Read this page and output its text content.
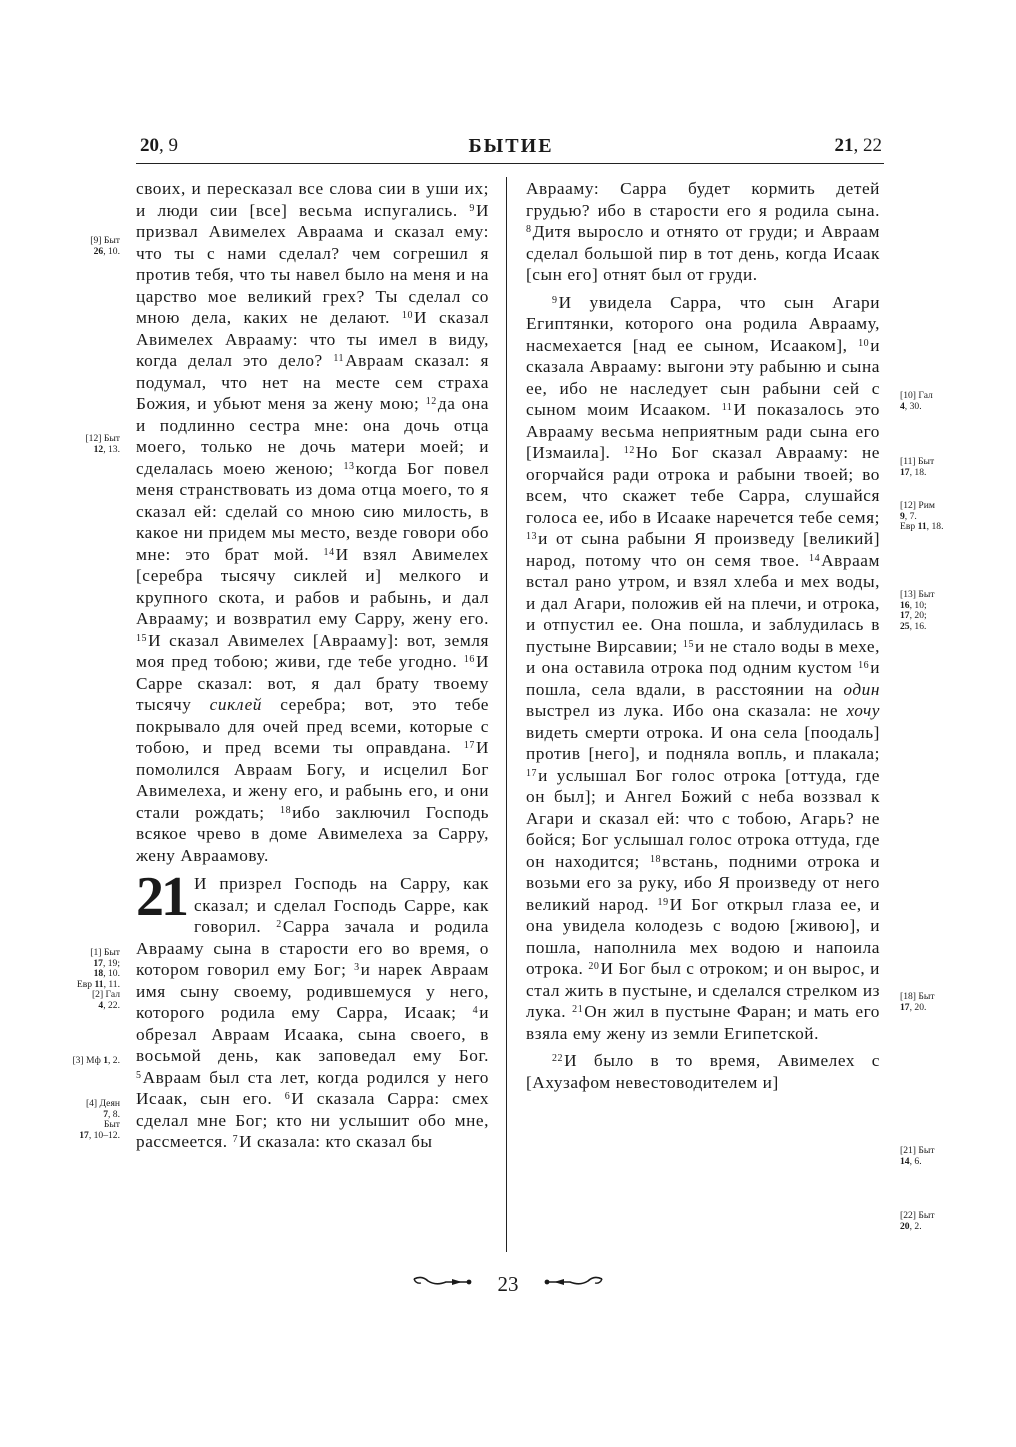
20, 9	БЫТИЕ	21, 22

своих, и пересказал все слова сии в уши их; и люди сии [все] весьма испугались. $^9$И призвал Авимелех Авраама и сказал ему: что ты с нами сделал? чем согрешил я против тебя, что ты навел было на меня и на царство мое великий грех? Ты сделал со мною дела, каких не делают. $^{10}$И сказал Авимелех Аврааму: что ты имел в виду, когда делал это дело? $^{11}$Авраам сказал: я подумал, что нет на месте сем страха Божия, и убьют меня за жену мою; $^{12}$да она и подлинно сестра мне: она дочь отца моего, только не дочь матери моей; и сделалась моею женою; $^{13}$когда Бог повел меня странствовать из дома отца моего, то я сказал ей: сделай со мною сию милость, в какое ни придем мы место, везде говори обо мне: это брат мой. $^{14}$И взял Авимелех [серебра тысячу сиклей и] мелкого и крупного скота, и рабов и рабынь, и дал Аврааму; и возвратил ему Сарру, жену его. $^{15}$И сказал Авимелех [Аврааму]: вот, земля моя пред тобою; живи, где тебе угодно. $^{16}$И Сарре сказал: вот, я дал брату твоему тысячу сиклей серебра; вот, это тебе покрывало для очей пред всеми, которые с тобою, и пред всеми ты оправдана. $^{17}$И помолился Авраам Богу, и исцелил Бог Авимелеха, и жену его, и рабынь его, и они стали рождать; $^{18}$ибо заключил Господь всякое чрево в доме Авимелеха за Сарру, жену Авраамову.

21 И призрел Господь на Сарру, как сказал; и сделал Господь Сарре, как говорил. $^2$Сарра зачала и родила Аврааму сына в старости его во время, о котором говорил ему Бог; $^3$и нарек Авраам имя сыну своему, родившемуся у него, которого родила ему Сарра, Исаак; $^4$и обрезал Авраам Исаака, сына своего, в восьмой день, как заповедал ему Бог. $^5$Авраам был ста лет, когда родился у него Исаак, сын его. $^6$И сказала Сарра: смех сделал мне Бог; кто ни услышит обо мне, рассмеется. $^7$И сказала: кто сказал бы

Аврааму: Сарра будет кормить детей грудью? ибо в старости его я родила сына. $^8$Дитя выросло и отнято от груди; и Авраам сделал большой пир в тот день, когда Исаак [сын его] отнят был от груди.

$^9$И увидела Сарра, что сын Агари Египтянки, которого она родила Аврааму, насмехается [над ее сыном, Исааком], $^{10}$и сказала Аврааму: выгони эту рабыню и сына ее, ибо не наследует сын рабыни сей с сыном моим Исааком. $^{11}$И показалось это Аврааму весьма неприятным ради сына его [Измаила]. $^{12}$Но Бог сказал Аврааму: не огорчайся ради отрока и рабыни твоей; во всем, что скажет тебе Сарра, слушайся голоса ее, ибо в Исааке наречется тебе семя; $^{13}$и от сына рабыни Я произведу [великий] народ, потому что он семя твое. $^{14}$Авраам встал рано утром, и взял хлеба и мех воды, и дал Агари, положив ей на плечи, и отрока, и отпустил ее. Она пошла, и заблудилась в пустыне Вирсавии; $^{15}$и не стало воды в мехе, и она оставила отрока под одним кустом $^{16}$и пошла, села вдали, в расстоянии на один выстрел из лука. Ибо она сказала: не хочу видеть смерти отрока. И она села [поодаль] против [него], и подняла вопль, и плакала; $^{17}$и услышал Бог голос отрока [оттуда, где он был]; и Ангел Божий с неба воззвал к Агари и сказал ей: что с тобою, Агарь? не бойся; Бог услышал голос отрока оттуда, где он находится; $^{18}$встань, подними отрока и возьми его за руку, ибо Я произведу от него великий народ. $^{19}$И Бог открыл глаза ее, и она увидела колодезь с водою [живою], и пошла, наполнила мех водою и напоила отрока. $^{20}$И Бог был с отроком; и он вырос, и стал жить в пустыне, и сделался стрелком из лука. $^{21}$Он жил в пустыне Фаран; и мать его взяла ему жену из земли Египетской.

$^{22}$И было в то время, Авимелех с [Ахузафом невестоводителем и]

[9] Быт
26, 10.
[12] Быт
12, 13.
[1] Быт
17, 19;
18, 10.
Евр 11, 11.
[2] Гал
4, 22.
[3] Мф 1, 2.
[4] Деян
7, 8.
Быт
17, 10–12.
[10] Гал
4, 30.
[11] Быт
17, 18.
[12] Рим
9, 7.
Евр 11, 18.
[13] Быт
16, 10;
17, 20;
25, 16.
[18] Быт
17, 20.
[21] Быт
14, 6.
[22] Быт
20, 2.
23
